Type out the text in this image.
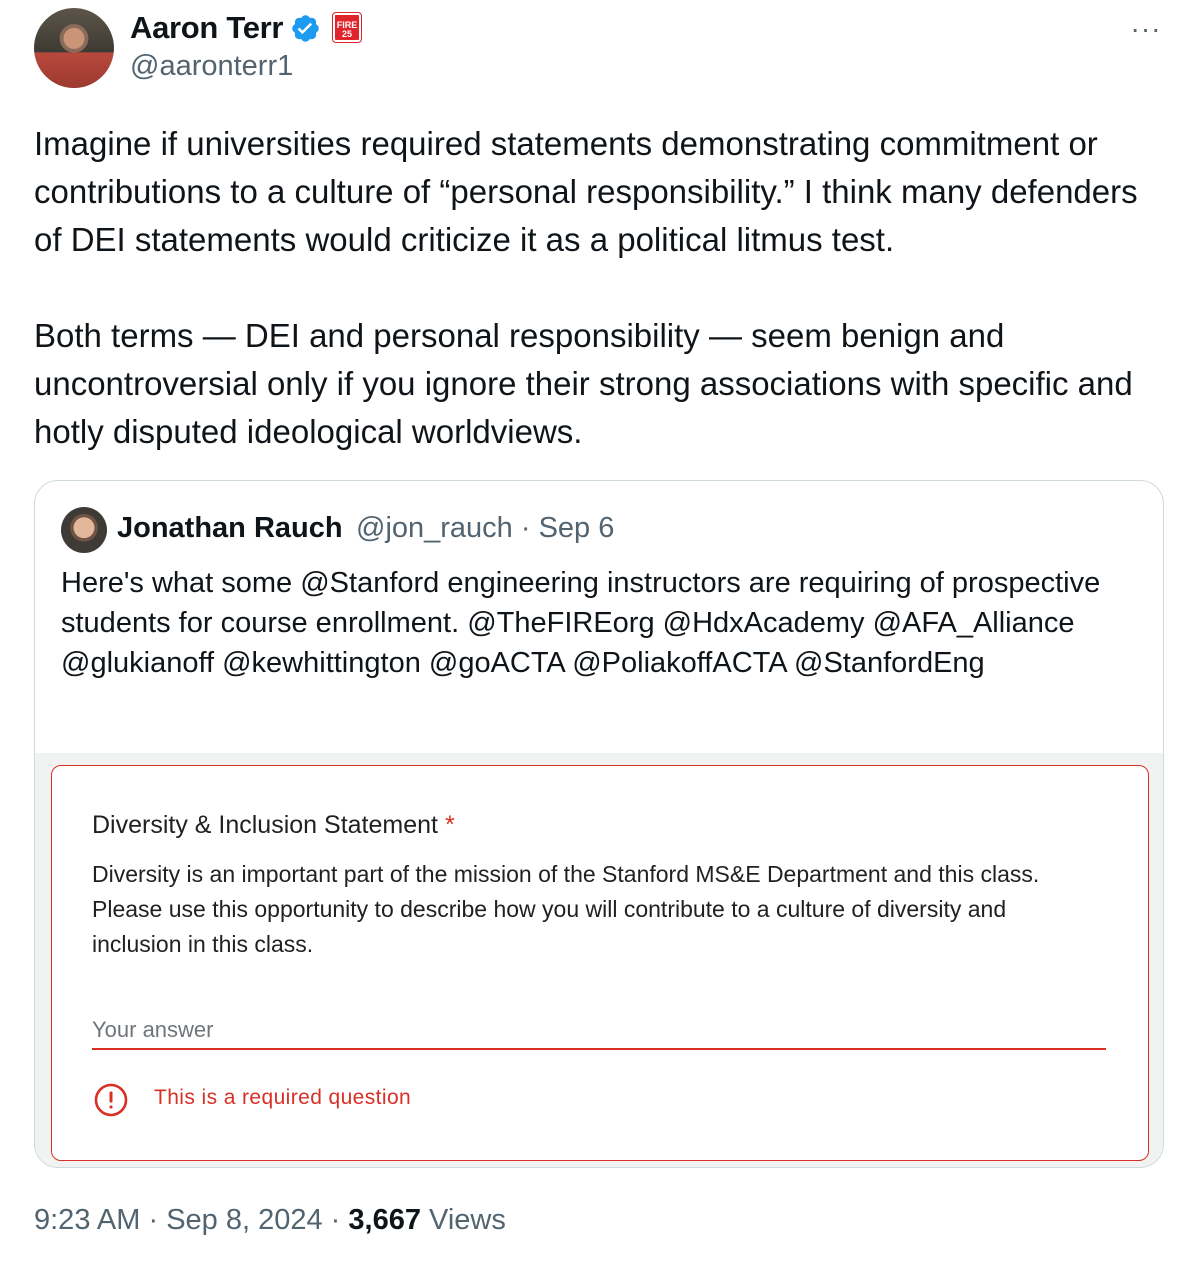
Aaron Terr	FIRE
25
@aaronterr1
···

Imagine if universities required statements demonstrating commitment or contributions to a culture of “personal responsibility.” I think many defenders of DEI statements would criticize it as a political litmus test.

Both terms — DEI and personal responsibility — seem benign and uncontroversial only if you ignore their strong associations with specific and hotly disputed ideological worldviews.

Jonathan Rauch @jon_rauch · Sep 6
Here's what some @Stanford engineering instructors are requiring of prospective students for course enrollment. @TheFIREorg @HdxAcademy @AFA_Alliance @glukianoff @kewhittington @goACTA @PoliakoffACTA @StanfordEng
Diversity & Inclusion Statement *
Diversity is an important part of the mission of the Stanford MS&E Department and this class. Please use this opportunity to describe how you will contribute to a culture of diversity and inclusion in this class.
Your answer
This is a required question
9:23 AM · Sep 8, 2024 · 3,667 Views
